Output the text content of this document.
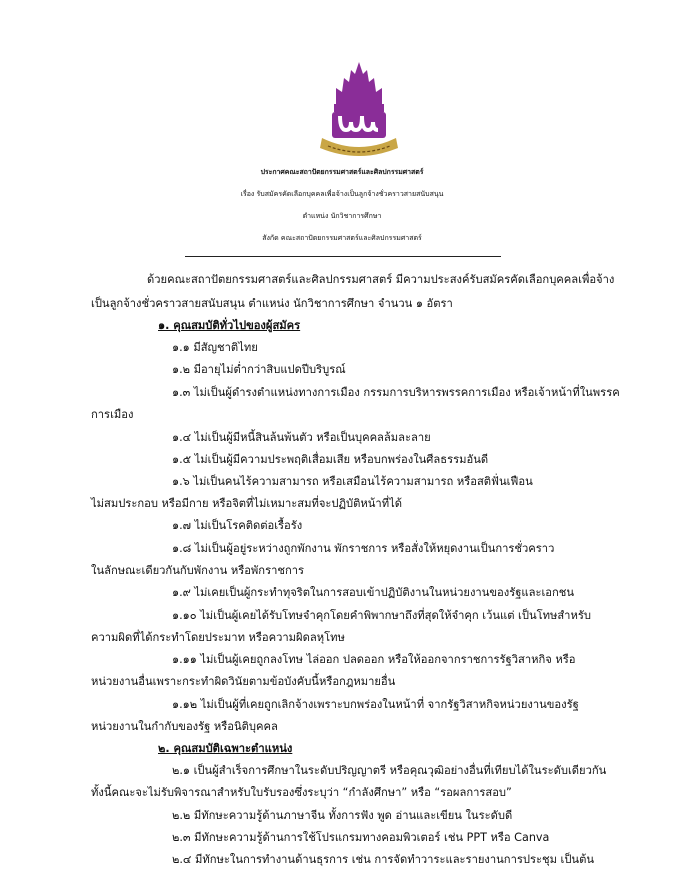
ประกาศคณะสถาปัตยกรรมศาสตร์และศิลปกรรมศาสตร์
เรื่อง รับสมัครคัดเลือกบุคคลเพื่อจ้างเป็นลูกจ้างชั่วคราวสายสนับสนุน
ตำแหน่ง นักวิชาการศึกษา
สังกัด คณะสถาปัตยกรรมศาสตร์และศิลปกรรมศาสตร์
ด้วยคณะสถาปัตยกรรมศาสตร์และศิลปกรรมศาสตร์ มีความประสงค์รับสมัครคัดเลือกบุคคลเพื่อจ้าง
เป็นลูกจ้างชั่วคราวสายสนับสนุน ตำแหน่ง นักวิชาการศึกษา จำนวน ๑ อัตรา
๑. คุณสมบัติทั่วไปของผู้สมัคร
๑.๑ มีสัญชาติไทย
๑.๒ มีอายุไม่ต่ำกว่าสิบแปดปีบริบูรณ์
๑.๓ ไม่เป็นผู้ดำรงตำแหน่งทางการเมือง กรรมการบริหารพรรคการเมือง หรือเจ้าหน้าที่ในพรรค
การเมือง
๑.๔ ไม่เป็นผู้มีหนี้สินล้นพ้นตัว หรือเป็นบุคคลล้มละลาย
๑.๕ ไม่เป็นผู้มีความประพฤติเสื่อมเสีย หรือบกพร่องในศีลธรรมอันดี
๑.๖ ไม่เป็นคนไร้ความสามารถ หรือเสมือนไร้ความสามารถ หรือสติฟั่นเฟือน
ไม่สมประกอบ หรือมีกาย หรือจิตที่ไม่เหมาะสมที่จะปฏิบัติหน้าที่ได้
๑.๗ ไม่เป็นโรคติดต่อเรื้อรัง
๑.๘ ไม่เป็นผู้อยู่ระหว่างถูกพักงาน พักราชการ หรือสั่งให้หยุดงานเป็นการชั่วคราว
ในลักษณะเดียวกันกับพักงาน หรือพักราชการ
๑.๙ ไม่เคยเป็นผู้กระทำทุจริตในการสอบเข้าปฏิบัติงานในหน่วยงานของรัฐและเอกชน
๑.๑๐ ไม่เป็นผู้เคยได้รับโทษจำคุกโดยคำพิพากษาถึงที่สุดให้จำคุก เว้นแต่ เป็นโทษสำหรับ
ความผิดที่ได้กระทำโดยประมาท หรือความผิดลหุโทษ
๑.๑๑ ไม่เป็นผู้เคยถูกลงโทษ ไล่ออก ปลดออก หรือให้ออกจากราชการรัฐวิสาหกิจ หรือ
หน่วยงานอื่นเพราะกระทำผิดวินัยตามข้อบังคับนี้หรือกฎหมายอื่น
๑.๑๒ ไม่เป็นผู้ที่เคยถูกเลิกจ้างเพราะบกพร่องในหน้าที่ จากรัฐวิสาหกิจหน่วยงานของรัฐ
หน่วยงานในกำกับของรัฐ หรือนิติบุคคล
๒. คุณสมบัติเฉพาะตำแหน่ง
๒.๑ เป็นผู้สำเร็จการศึกษาในระดับปริญญาตรี หรือคุณวุฒิอย่างอื่นที่เทียบได้ในระดับเดียวกัน
ทั้งนี้คณะจะไม่รับพิจารณาสำหรับใบรับรองซึ่งระบุว่า “กำลังศึกษา” หรือ “รอผลการสอบ”
๒.๒ มีทักษะความรู้ด้านภาษาจีน ทั้งการฟัง พูด อ่านและเขียน ในระดับดี
๒.๓ มีทักษะความรู้ด้านการใช้โปรแกรมทางคอมพิวเตอร์ เช่น PPT หรือ Canva
๒.๔ มีทักษะในการทำงานด้านธุรการ เช่น การจัดทำวาระและรายงานการประชุม เป็นต้น
